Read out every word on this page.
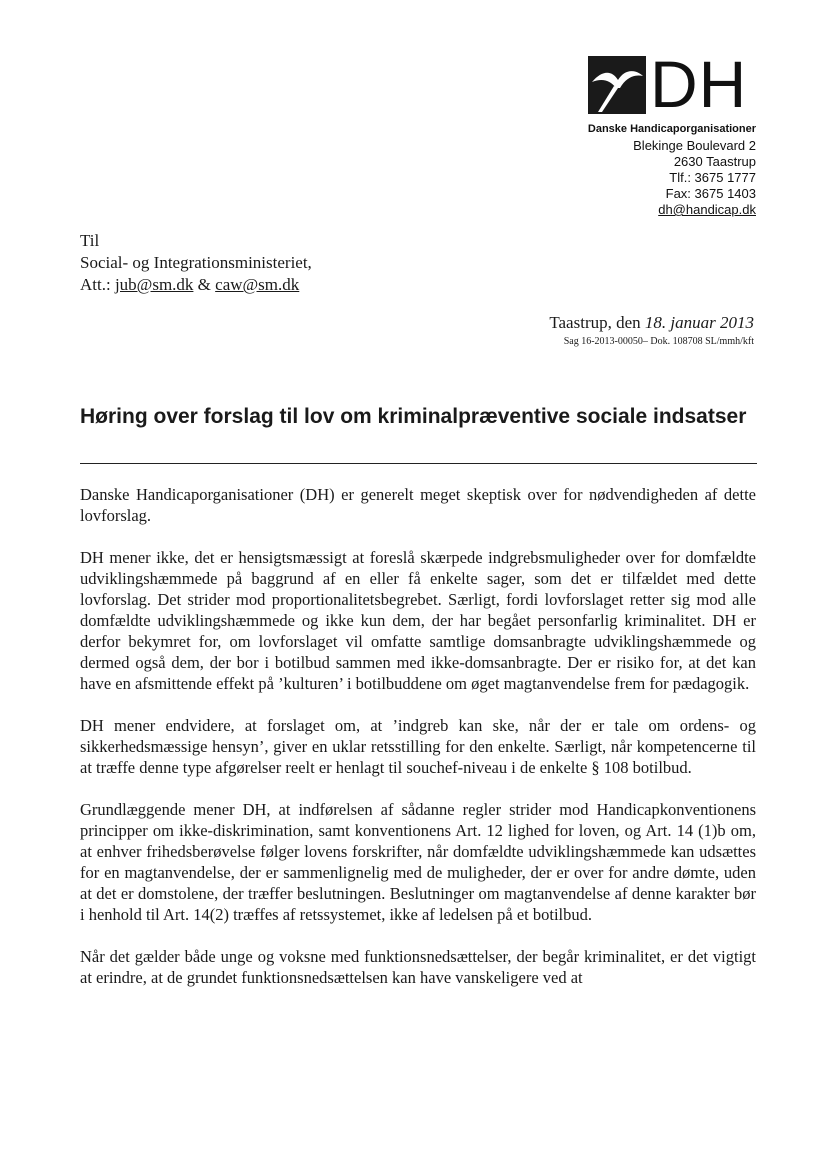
DH
Danske Handicaporganisationer
Blekinge Boulevard 2
2630 Taastrup
Tlf.: 3675 1777
Fax: 3675 1403
dh@handicap.dk
Til
Social- og Integrationsministeriet,
Att.: jub@sm.dk & caw@sm.dk
Taastrup, den 18. januar 2013
Sag 16-2013-00050– Dok. 108708 SL/mmh/kft
Høring over forslag til lov om kriminalpræventive sociale indsatser

Danske Handicaporganisationer (DH) er generelt meget skeptisk over for nødvendigheden af dette lovforslag.

DH mener ikke, det er hensigtsmæssigt at foreslå skærpede indgrebsmuligheder over for domfældte udviklingshæmmede på baggrund af en eller få enkelte sager, som det er tilfældet med dette lovforslag. Det strider mod proportionalitetsbegrebet. Særligt, fordi lovforslaget retter sig mod alle domfældte udviklingshæmmede og ikke kun dem, der har begået personfarlig kriminalitet. DH er derfor bekymret for, om lovforslaget vil omfatte samtlige domsanbragte udviklingshæmmede og dermed også dem, der bor i botilbud sammen med ikke-domsanbragte. Der er risiko for, at det kan have en afsmittende effekt på ’kulturen’ i botilbuddene om øget magtanvendelse frem for pædagogik.

DH mener endvidere, at forslaget om, at ’indgreb kan ske, når der er tale om ordens- og sikkerhedsmæssige hensyn’, giver en uklar retsstilling for den enkelte. Særligt, når kompetencerne til at træffe denne type afgørelser reelt er henlagt til souchef-niveau i de enkelte § 108 botilbud.

Grundlæggende mener DH, at indførelsen af sådanne regler strider mod Handicapkonventionens principper om ikke-diskrimination, samt konventionens Art. 12 lighed for loven, og Art. 14 (1)b om, at enhver frihedsberøvelse følger lovens forskrifter, når domfældte udviklingshæmmede kan udsættes for en magtanvendelse, der er sammenlignelig med de muligheder, der er over for andre dømte, uden at det er domstolene, der træffer beslutningen. Beslutninger om magtanvendelse af denne karakter bør i henhold til Art. 14(2) træffes af retssystemet, ikke af ledelsen på et botilbud.

Når det gælder både unge og voksne med funktionsnedsættelser, der begår kriminalitet, er det vigtigt at erindre, at de grundet funktionsnedsættelsen kan have vanskeligere ved at
